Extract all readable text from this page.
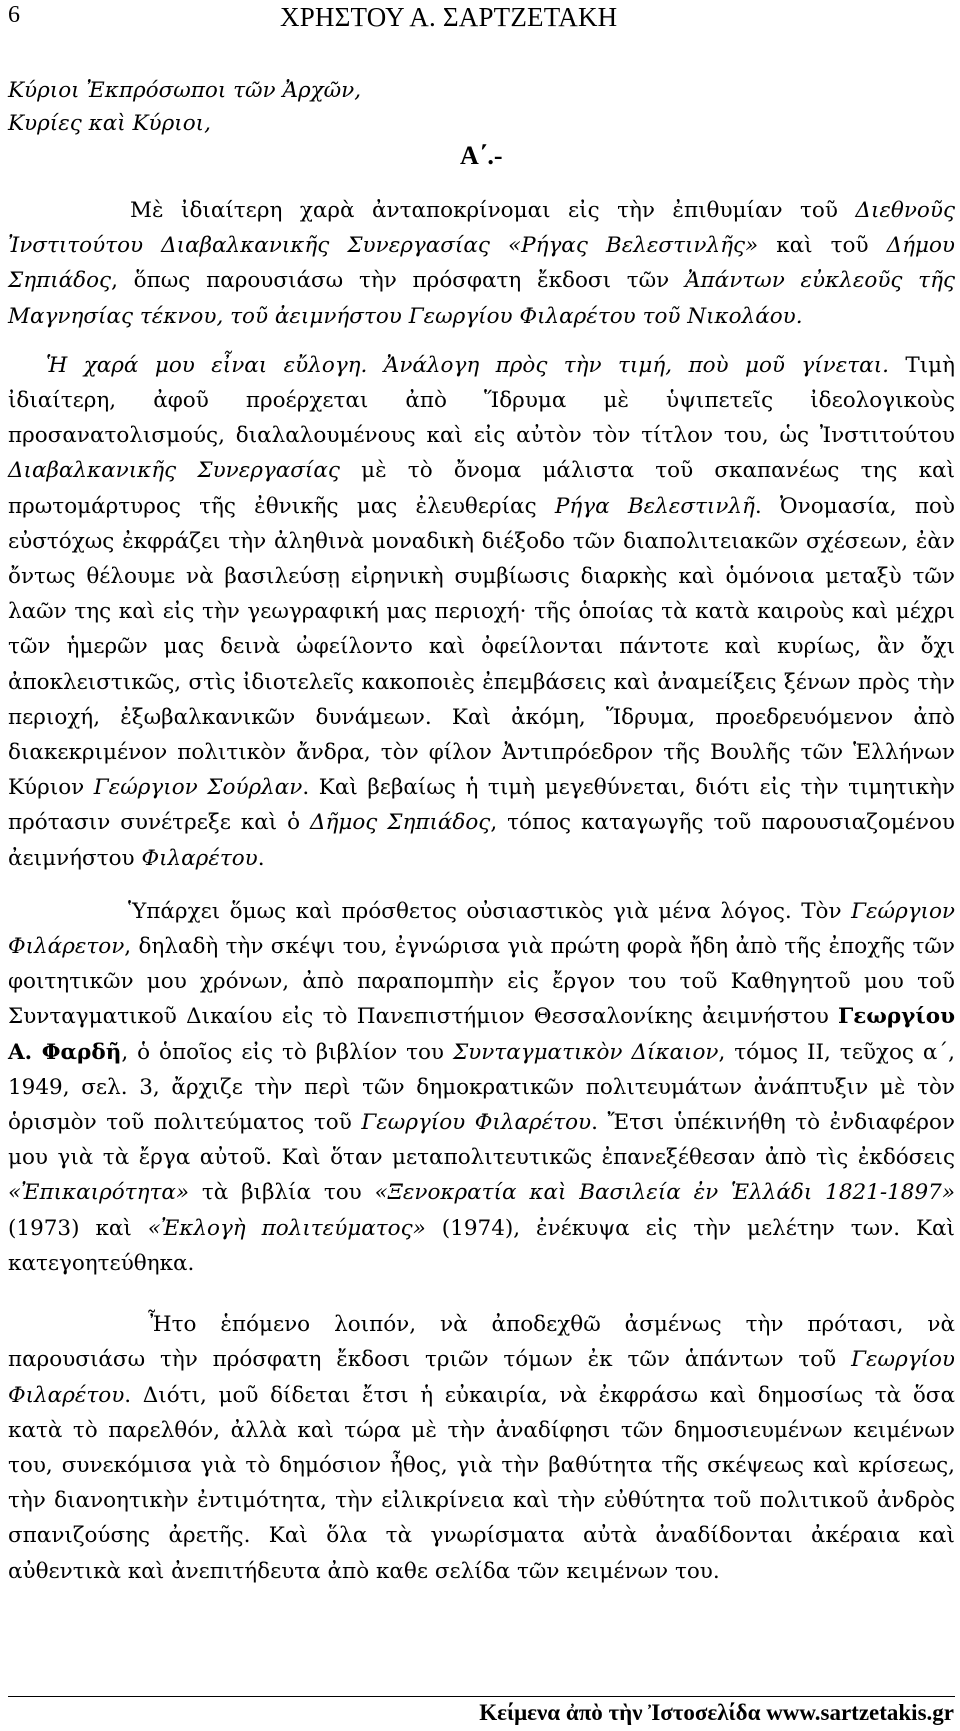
6	ΧΡΗΣΤΟΥ Α. ΣΑΡΤΖΕΤΑΚΗ
Κύριοι Ἐκπρόσωποι τῶν Ἀρχῶν,
Κυρίες καὶ Κύριοι,
Α΄.-

Μὲ ἰδιαίτερη χαρὰ ἀνταποκρίνομαι εἰς τὴν ἐπιθυμίαν τοῦ Διεθνοῦς Ἰνστιτούτου Διαβαλκανικῆς Συνεργασίας «Ρήγας Βελεστινλῆς» καὶ τοῦ Δήμου Σηπιάδος, ὅπως παρουσιάσω τὴν πρόσφατη ἔκδοσι τῶν Ἀπάντων εὐκλεοῦς τῆς Μαγνησίας τέκνου, τοῦ ἀειμνήστου Γεωργίου Φιλαρέτου τοῦ Νικολάου.

Ἡ χαρά μου εἶναι εὔλογη. Ἀνάλογη πρὸς τὴν τιμή, ποὺ μοῦ γίνεται. Τιμὴ ἰδιαίτερη, ἀφοῦ προέρχεται ἀπὸ Ἵδρυμα μὲ ὑψιπετεῖς ἰδεολογικοὺς προσανατολισμούς, διαλαλουμένους καὶ εἰς αὐτὸν τὸν τίτλον του, ὡς Ἰνστιτούτου Διαβαλκανικῆς Συνεργασίας μὲ τὸ ὄνομα μάλιστα τοῦ σκαπανέως της καὶ πρωτομάρτυρος τῆς ἐθνικῆς μας ἐλευθερίας Ρήγα Βελεστινλῆ. Ὀνομασία, ποὺ εὐστόχως ἐκφράζει τὴν ἀληθινὰ μοναδικὴ διέξοδο τῶν διαπολιτειακῶν σχέσεων, ἐὰν ὄντως θέλουμε νὰ βασιλεύσῃ εἰρηνικὴ συμβίωσις διαρκὴς καὶ ὁμόνοια μεταξὺ τῶν λαῶν της καὶ εἰς τὴν γεωγραφική μας περιοχή· τῆς ὁποίας τὰ κατὰ καιροὺς καὶ μέχρι τῶν ἡμερῶν μας δεινὰ ὠφείλοντο καὶ ὀφείλονται πάντοτε καὶ κυρίως, ἂν ὄχι ἀποκλειστικῶς, στὶς ἰδιοτελεῖς κακοποιὲς ἐπεμβάσεις καὶ ἀναμείξεις ξένων πρὸς τὴν περιοχή, ἐξωβαλκανικῶν δυνάμεων. Καὶ ἀκόμη, Ἵδρυμα, προεδρευόμενον ἀπὸ διακεκριμένον πολιτικὸν ἄνδρα, τὸν φίλον Ἀντιπρόεδρον τῆς Βουλῆς τῶν Ἑλλήνων Κύριον Γεώργιον Σούρλαν. Καὶ βεβαίως ἡ τιμὴ μεγεθύνεται, διότι εἰς τὴν τιμητικὴν πρότασιν συνέτρεξε καὶ ὁ Δῆμος Σηπιάδος, τόπος καταγωγῆς τοῦ παρουσιαζομένου ἀειμνήστου Φιλαρέτου.

Ὑπάρχει ὅμως καὶ πρόσθετος οὐσιαστικὸς γιὰ μένα λόγος. Τὸν Γεώργιον Φιλάρετον, δηλαδὴ τὴν σκέψι του, ἐγνώρισα γιὰ πρώτη φορὰ ἤδη ἀπὸ τῆς ἐποχῆς τῶν φοιτητικῶν μου χρόνων, ἀπὸ παραπομπὴν εἰς ἔργον του τοῦ Καθηγητοῦ μου τοῦ Συνταγματικοῦ Δικαίου εἰς τὸ Πανεπιστήμιον Θεσσαλονίκης ἀειμνήστου Γεωργίου Α. Φαρδῆ, ὁ ὁποῖος εἰς τὸ βιβλίον του Συνταγματικὸν Δίκαιον, τόμος ΙΙ, τεῦχος α΄, 1949, σελ. 3, ἄρχιζε τὴν περὶ τῶν δημοκρατικῶν πολιτευμάτων ἀνάπτυξιν μὲ τὸν ὁρισμὸν τοῦ πολιτεύματος τοῦ Γεωργίου Φιλαρέτου. Ἔτσι ὑπέκινήθη τὸ ἐνδιαφέρον μου γιὰ τὰ ἔργα αὐτοῦ. Καὶ ὅταν μεταπολιτευτικῶς ἐπανεξέθεσαν ἀπὸ τὶς ἐκδόσεις «Ἐπικαιρότητα» τὰ βιβλία του «Ξενοκρατία καὶ Βασιλεία ἐν Ἑλλάδι 1821-1897» (1973) καὶ «Ἐκλογὴ πολιτεύματος» (1974), ἐνέκυψα εἰς τὴν μελέτην των. Καὶ κατεγοητεύθηκα.

Ἦτο ἑπόμενο λοιπόν, νὰ ἀποδεχθῶ ἀσμένως τὴν πρότασι, νὰ παρουσιάσω τὴν πρόσφατη ἔκδοσι τριῶν τόμων ἐκ τῶν ἁπάντων τοῦ Γεωργίου Φιλαρέτου. Διότι, μοῦ δίδεται ἔτσι ἡ εὐκαιρία, νὰ ἐκφράσω καὶ δημοσίως τὰ ὅσα κατὰ τὸ παρελθόν, ἀλλὰ καὶ τώρα μὲ τὴν ἀναδίφησι τῶν δημοσιευμένων κειμένων του, συνεκόμισα γιὰ τὸ δημόσιον ἦθος, γιὰ τὴν βαθύτητα τῆς σκέψεως καὶ κρίσεως, τὴν διανοητικὴν ἐντιμότητα, τὴν εἰλικρίνεια καὶ τὴν εὐθύτητα τοῦ πολιτικοῦ ἀνδρὸς σπανιζούσης ἀρετῆς. Καὶ ὅλα τὰ γνωρίσματα αὐτὰ ἀναδίδονται ἀκέραια καὶ αὐθεντικὰ καὶ ἀνεπιτήδευτα ἀπὸ καθε σελίδα τῶν κειμένων του.

Κείμενα ἀπὸ τὴν Ἰστοσελίδα www.sartzetakis.gr
